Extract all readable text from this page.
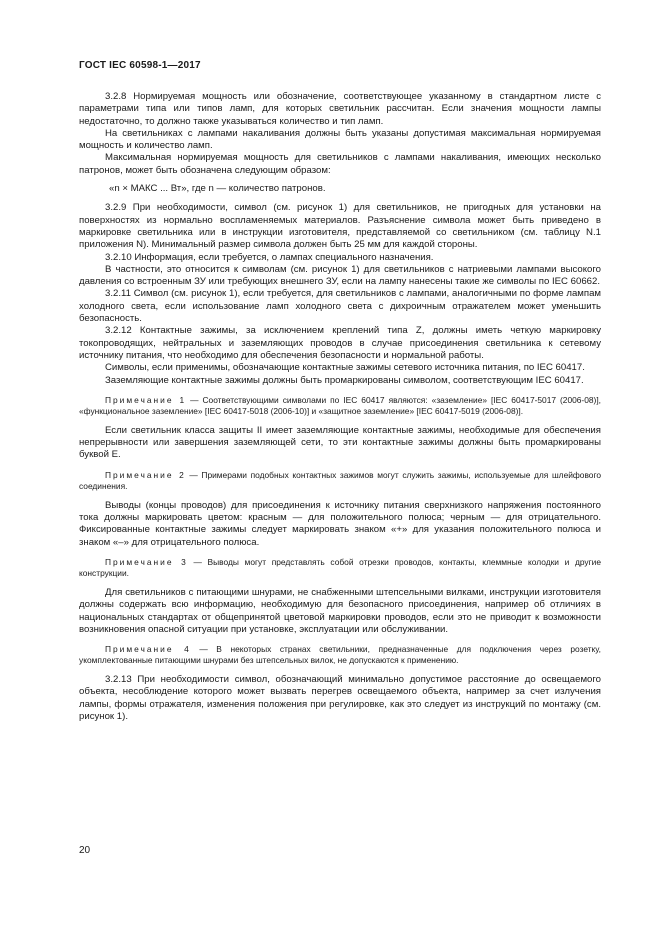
ГОСТ IEC 60598-1—2017

3.2.8 Нормируемая мощность или обозначение, соответствующее указанному в стандартном листе с параметрами типа или типов ламп, для которых светильник рассчитан. Если значения мощности лампы недостаточно, то должно также указываться количество и тип ламп.

На светильниках с лампами накаливания должны быть указаны допустимая максимальная нормируемая мощность и количество ламп.

Максимальная нормируемая мощность для светильников с лампами накаливания, имеющих несколько патронов, может быть обозначена следующим образом:

«n × МАКС ... Вт», где n — количество патронов.

3.2.9 При необходимости, символ (см. рисунок 1) для светильников, не пригодных для установки на поверхностях из нормально воспламеняемых материалов. Разъяснение символа может быть приведено в маркировке светильника или в инструкции изготовителя, представляемой со светильником (см. таблицу N.1 приложения N). Минимальный размер символа должен быть 25 мм для каждой стороны.

3.2.10 Информация, если требуется, о лампах специального назначения.

В частности, это относится к символам (см. рисунок 1) для светильников с натриевыми лампами высокого давления со встроенным ЗУ или требующих внешнего ЗУ, если на лампу нанесены такие же символы по IEC 60662.

3.2.11 Символ (см. рисунок 1), если требуется, для светильников с лампами, аналогичными по форме лампам холодного света, если использование ламп холодного света с дихроичным отражателем может уменьшить безопасность.

3.2.12 Контактные зажимы, за исключением креплений типа Z, должны иметь четкую маркировку токопроводящих, нейтральных и заземляющих проводов в случае присоединения светильника к сетевому источнику питания, что необходимо для обеспечения безопасности и нормальной работы.

Символы, если применимы, обозначающие контактные зажимы сетевого источника питания, по IEC 60417.

Заземляющие контактные зажимы должны быть промаркированы символом, соответствующим IEC 60417.

Примечание 1 — Соответствующими символами по IEC 60417 являются: «заземление» [IEC 60417-5017 (2006-08)], «функциональное заземление» [IEC 60417-5018 (2006-10)] и «защитное заземление» [IEC 60417-5019 (2006-08)].

Если светильник класса защиты II имеет заземляющие контактные зажимы, необходимые для обеспечения непрерывности или завершения заземляющей сети, то эти контактные зажимы должны быть промаркированы буквой Е.

Примечание 2 — Примерами подобных контактных зажимов могут служить зажимы, используемые для шлейфового соединения.

Выводы (концы проводов) для присоединения к источнику питания сверхнизкого напряжения постоянного тока должны маркировать цветом: красным — для положительного полюса; черным — для отрицательного. Фиксированные контактные зажимы следует маркировать знаком «+» для указания положительного полюса и знаком «–» для отрицательного полюса.

Примечание 3 — Выводы могут представлять собой отрезки проводов, контакты, клеммные колодки и другие конструкции.

Для светильников с питающими шнурами, не снабженными штепсельными вилками, инструкции изготовителя должны содержать всю информацию, необходимую для безопасного присоединения, например об отличиях в национальных стандартах от общепринятой цветовой маркировки проводов, если это не приводит к возможности возникновения опасной ситуации при установке, эксплуатации или обслуживании.

Примечание 4 — В некоторых странах светильники, предназначенные для подключения через розетку, укомплектованные питающими шнурами без штепсельных вилок, не допускаются к применению.

3.2.13 При необходимости символ, обозначающий минимально допустимое расстояние до освещаемого объекта, несоблюдение которого может вызвать перегрев освещаемого объекта, например за счет излучения лампы, формы отражателя, изменения положения при регулировке, как это следует из инструкций по монтажу (см. рисунок 1).

20
